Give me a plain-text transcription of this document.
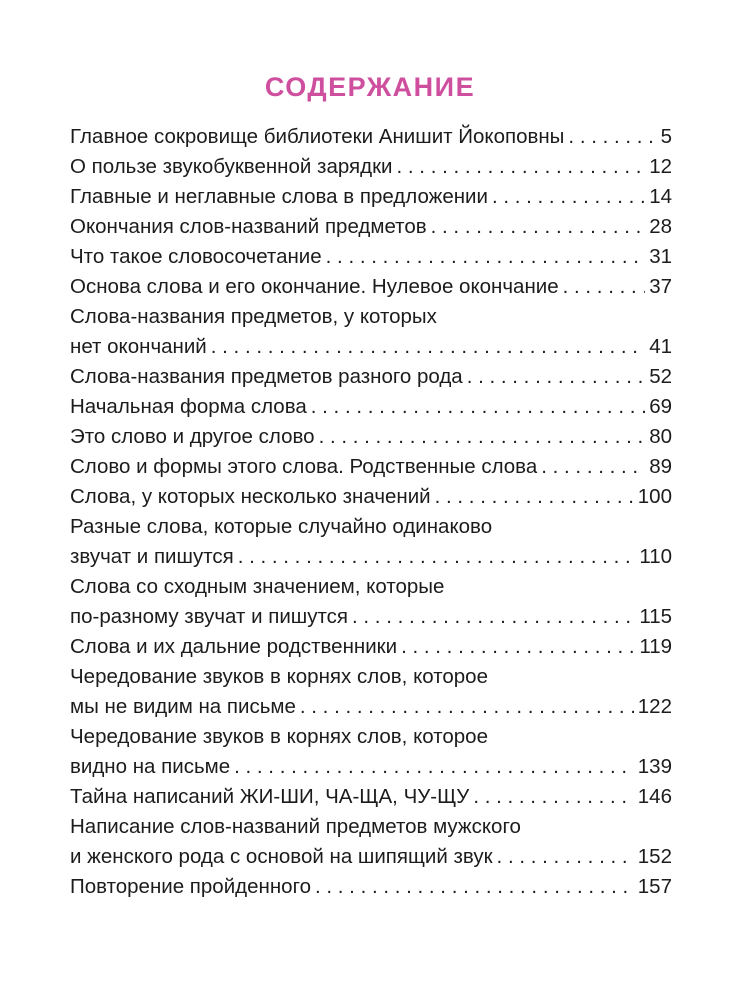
СОДЕРЖАНИЕ
Главное сокровище библиотеки Анишит Йокоповны . . .	5
О пользе звукобуквенной зарядки . . .	12
Главные и неглавные слова в предложении . . .	14
Окончания слов-названий предметов . . .	28
Что такое словосочетание . . .	31
Основа слова и его окончание. Нулевое окончание . . .	37
Слова-названия предметов, у которых
нет окончаний . . .	41
Слова-названия предметов разного рода . . .	52
Начальная форма слова . . .	69
Это слово и другое слово . . .	80
Слово и формы этого слова. Родственные слова . . .	89
Слова, у которых несколько значений . . .	100
Разные слова, которые случайно одинаково
звучат и пишутся . . .	110
Слова со сходным значением, которые
по-разному звучат и пишутся . . .	115
Слова и их дальние родственники . . .	119
Чередование звуков в корнях слов, которое
мы не видим на письме . . .	122
Чередование звуков в корнях слов, которое
видно на письме . . .	139
Тайна написаний ЖИ-ШИ, ЧА-ЩА, ЧУ-ЩУ . . .	146
Написание слов-названий предметов мужского
и женского рода с основой на шипящий звук . . .	152
Повторение пройденного . . .	157
